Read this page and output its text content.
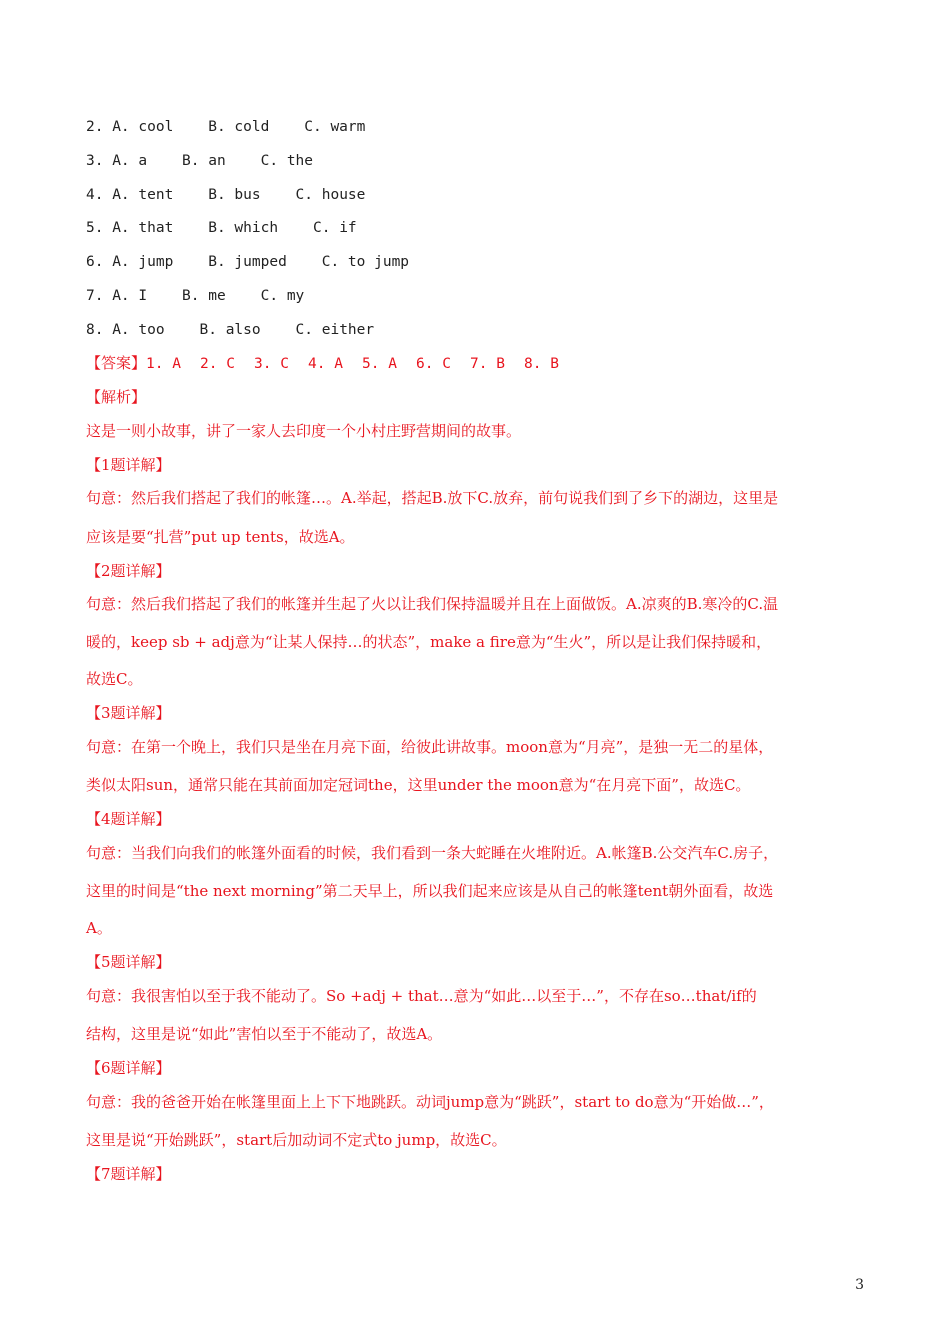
2. A. cool B. cold C. warm
3. A. a B. an C. the
4. A. tent B. bus C. house
5. A. that B. which C. if
6. A. jump B. jumped C. to jump
7. A. I B. me C. my
8. A. too B. also C. either
【答案】1. A 2. C 3. C 4. A 5. A 6. C 7. B 8. B
【解析】
这是一则小故事，讲了一家人去印度一个小村庄野营期间的故事。
【1题详解】
句意：然后我们搭起了我们的帐篷…。A.举起，搭起B.放下C.放弃，前句说我们到了乡下的湖边，这里是
应该是要“扎营”put up tents，故选A。
【2题详解】
句意：然后我们搭起了我们的帐篷并生起了火以让我们保持温暖并且在上面做饭。A.凉爽的B.寒冷的C.温
暖的，keep sb + adj意为“让某人保持…的状态”，make a fire意为“生火”，所以是让我们保持暖和，
故选C。
【3题详解】
句意：在第一个晚上，我们只是坐在月亮下面，给彼此讲故事。moon意为“月亮”，是独一无二的星体，
类似太阳sun，通常只能在其前面加定冠词the，这里under the moon意为“在月亮下面”，故选C。
【4题详解】
句意：当我们向我们的帐篷外面看的时候，我们看到一条大蛇睡在火堆附近。A.帐篷B.公交汽车C.房子，
这里的时间是“the next morning”第二天早上，所以我们起来应该是从自己的帐篷tent朝外面看，故选
A。
【5题详解】
句意：我很害怕以至于我不能动了。So +adj + that…意为“如此…以至于…”，不存在so…that/if的
结构，这里是说“如此”害怕以至于不能动了，故选A。
【6题详解】
句意：我的爸爸开始在帐篷里面上上下下地跳跃。动词jump意为“跳跃”，start to do意为“开始做…”，
这里是说“开始跳跃”，start后加动词不定式to jump，故选C。
【7题详解】
3
